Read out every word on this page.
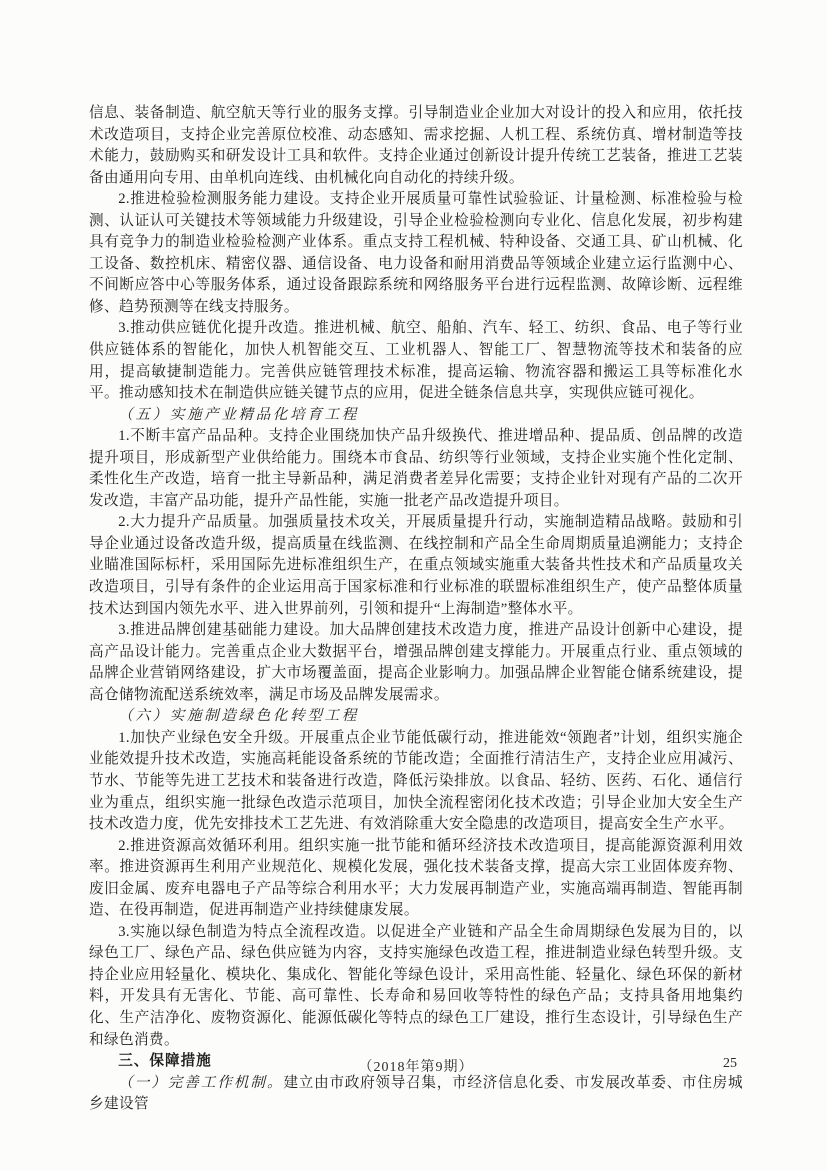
信息、装备制造、航空航天等行业的服务支撑。引导制造业企业加大对设计的投入和应用，依托技术改造项目，支持企业完善原位校准、动态感知、需求挖掘、人机工程、系统仿真、增材制造等技术能力，鼓励购买和研发设计工具和软件。支持企业通过创新设计提升传统工艺装备，推进工艺装备由通用向专用、由单机向连线、由机械化向自动化的持续升级。

2.推进检验检测服务能力建设。支持企业开展质量可靠性试验验证、计量检测、标准检验与检测、认证认可关键技术等领域能力升级建设，引导企业检验检测向专业化、信息化发展，初步构建具有竞争力的制造业检验检测产业体系。重点支持工程机械、特种设备、交通工具、矿山机械、化工设备、数控机床、精密仪器、通信设备、电力设备和耐用消费品等领域企业建立运行监测中心、不间断应答中心等服务体系，通过设备跟踪系统和网络服务平台进行远程监测、故障诊断、远程维修、趋势预测等在线支持服务。

3.推动供应链优化提升改造。推进机械、航空、船舶、汽车、轻工、纺织、食品、电子等行业供应链体系的智能化，加快人机智能交互、工业机器人、智能工厂、智慧物流等技术和装备的应用，提高敏捷制造能力。完善供应链管理技术标准，提高运输、物流容器和搬运工具等标准化水平。推动感知技术在制造供应链关键节点的应用，促进全链条信息共享，实现供应链可视化。

（五）实施产业精品化培育工程

1.不断丰富产品品种。支持企业围绕加快产品升级换代、推进增品种、提品质、创品牌的改造提升项目，形成新型产业供给能力。围绕本市食品、纺织等行业领域，支持企业实施个性化定制、柔性化生产改造，培育一批主导新品种，满足消费者差异化需要；支持企业针对现有产品的二次开发改造，丰富产品功能，提升产品性能，实施一批老产品改造提升项目。

2.大力提升产品质量。加强质量技术攻关，开展质量提升行动，实施制造精品战略。鼓励和引导企业通过设备改造升级，提高质量在线监测、在线控制和产品全生命周期质量追溯能力；支持企业瞄准国际标杆，采用国际先进标准组织生产，在重点领域实施重大装备共性技术和产品质量攻关改造项目，引导有条件的企业运用高于国家标准和行业标准的联盟标准组织生产，使产品整体质量技术达到国内领先水平、进入世界前列，引领和提升“上海制造”整体水平。

3.推进品牌创建基础能力建设。加大品牌创建技术改造力度，推进产品设计创新中心建设，提高产品设计能力。完善重点企业大数据平台，增强品牌创建支撑能力。开展重点行业、重点领域的品牌企业营销网络建设，扩大市场覆盖面，提高企业影响力。加强品牌企业智能仓储系统建设，提高仓储物流配送系统效率，满足市场及品牌发展需求。

（六）实施制造绿色化转型工程

1.加快产业绿色安全升级。开展重点企业节能低碳行动，推进能效“领跑者”计划，组织实施企业能效提升技术改造，实施高耗能设备系统的节能改造；全面推行清洁生产，支持企业应用减污、节水、节能等先进工艺技术和装备进行改造，降低污染排放。以食品、轻纺、医药、石化、通信行业为重点，组织实施一批绿色改造示范项目，加快全流程密闭化技术改造；引导企业加大安全生产技术改造力度，优先安排技术工艺先进、有效消除重大安全隐患的改造项目，提高安全生产水平。

2.推进资源高效循环利用。组织实施一批节能和循环经济技术改造项目，提高能源资源利用效率。推进资源再生利用产业规范化、规模化发展，强化技术装备支撑，提高大宗工业固体废弃物、废旧金属、废弃电器电子产品等综合利用水平；大力发展再制造产业，实施高端再制造、智能再制造、在役再制造，促进再制造产业持续健康发展。

3.实施以绿色制造为特点全流程改造。以促进全产业链和产品全生命周期绿色发展为目的，以绿色工厂、绿色产品、绿色供应链为内容，支持实施绿色改造工程，推进制造业绿色转型升级。支持企业应用轻量化、模块化、集成化、智能化等绿色设计，采用高性能、轻量化、绿色环保的新材料，开发具有无害化、节能、高可靠性、长寿命和易回收等特性的绿色产品；支持具备用地集约化、生产洁净化、废物资源化、能源低碳化等特点的绿色工厂建设，推行生态设计，引导绿色生产和绿色消费。

三、保障措施

（一）完善工作机制。建立由市政府领导召集，市经济信息化委、市发展改革委、市住房城乡建设管

（2018年第9期）	25
